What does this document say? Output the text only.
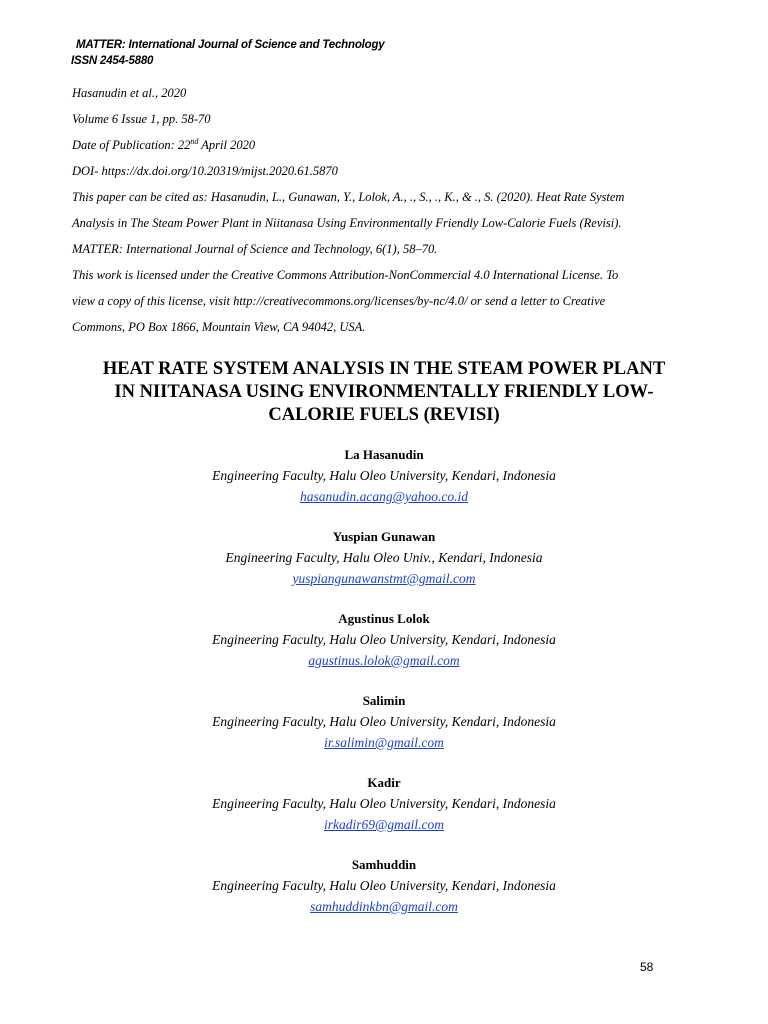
MATTER: International Journal of Science and Technology
ISSN 2454-5880
Hasanudin et al., 2020
Volume 6 Issue 1, pp. 58-70
Date of Publication: 22nd April 2020
DOI- https://dx.doi.org/10.20319/mijst.2020.61.5870
This paper can be cited as: Hasanudin, L., Gunawan, Y., Lolok, A., ., S., ., K., & ., S. (2020). Heat Rate System
Analysis in The Steam Power Plant in Niitanasa Using Environmentally Friendly Low-Calorie Fuels (Revisi).
MATTER: International Journal of Science and Technology, 6(1), 58–70.
This work is licensed under the Creative Commons Attribution-NonCommercial 4.0 International License. To
view a copy of this license, visit http://creativecommons.org/licenses/by-nc/4.0/ or send a letter to Creative
Commons, PO Box 1866, Mountain View, CA 94042, USA.
HEAT RATE SYSTEM ANALYSIS IN THE STEAM POWER PLANT
IN NIITANASA USING ENVIRONMENTALLY FRIENDLY LOW-
CALORIE FUELS (REVISI)
La Hasanudin
Engineering Faculty, Halu Oleo University, Kendari, Indonesia
hasanudin.acang@yahoo.co.id
Yuspian Gunawan
Engineering Faculty, Halu Oleo Univ., Kendari, Indonesia
yuspiangunawanstmt@gmail.com
Agustinus Lolok
Engineering Faculty, Halu Oleo University, Kendari, Indonesia
agustinus.lolok@gmail.com
Salimin
Engineering Faculty, Halu Oleo University, Kendari, Indonesia
ir.salimin@gmail.com
Kadir
Engineering Faculty, Halu Oleo University, Kendari, Indonesia
irkadir69@gmail.com
Samhuddin
Engineering Faculty, Halu Oleo University, Kendari, Indonesia
samhuddinkbn@gmail.com
58
